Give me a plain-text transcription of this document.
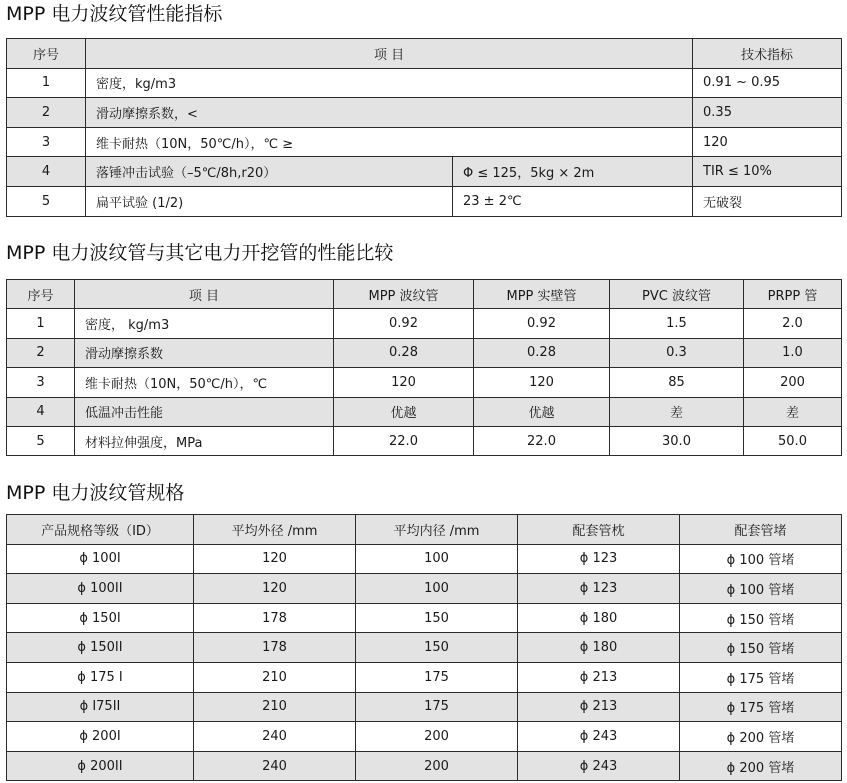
MPP 电力波纹管性能指标
序号	项 目		技术指标
1	密度，kg/m3		0.91 ~ 0.95
2	滑动摩擦系数，<		0.35
3	维卡耐热（10N，50℃/h），℃ ≥		120
4	落锤冲击试验（–5℃/8h,r20）	Φ ≤ 125，5kg × 2m	TIR ≤ 10%
5	扁平试验 (1/2)	23 ± 2℃	无破裂
MPP 电力波纹管与其它电力开挖管的性能比较
序号	项 目	MPP 波纹管	MPP 实壁管	PVC 波纹管	PRPP 管
1	密度， kg/m3	0.92	0.92	1.5	2.0
2	滑动摩擦系数	0.28	0.28	0.3	1.0
3	维卡耐热（10N，50℃/h），℃	120	120	85	200
4	低温冲击性能	优越	优越	差	差
5	材料拉伸强度，MPa	22.0	22.0	30.0	50.0
MPP 电力波纹管规格
产品规格等级（ID）	平均外径 /mm	平均内径 /mm	配套管枕	配套管堵
ϕ 100I	120	100	ϕ 123	ϕ 100 管堵
ϕ 100II	120	100	ϕ 123	ϕ 100 管堵
ϕ 150I	178	150	ϕ 180	ϕ 150 管堵
ϕ 150II	178	150	ϕ 180	ϕ 150 管堵
ϕ 175 I	210	175	ϕ 213	ϕ 175 管堵
ϕ I75II	210	175	ϕ 213	ϕ 175 管堵
ϕ 200I	240	200	ϕ 243	ϕ 200 管堵
ϕ 200II	240	200	ϕ 243	ϕ 200 管堵
